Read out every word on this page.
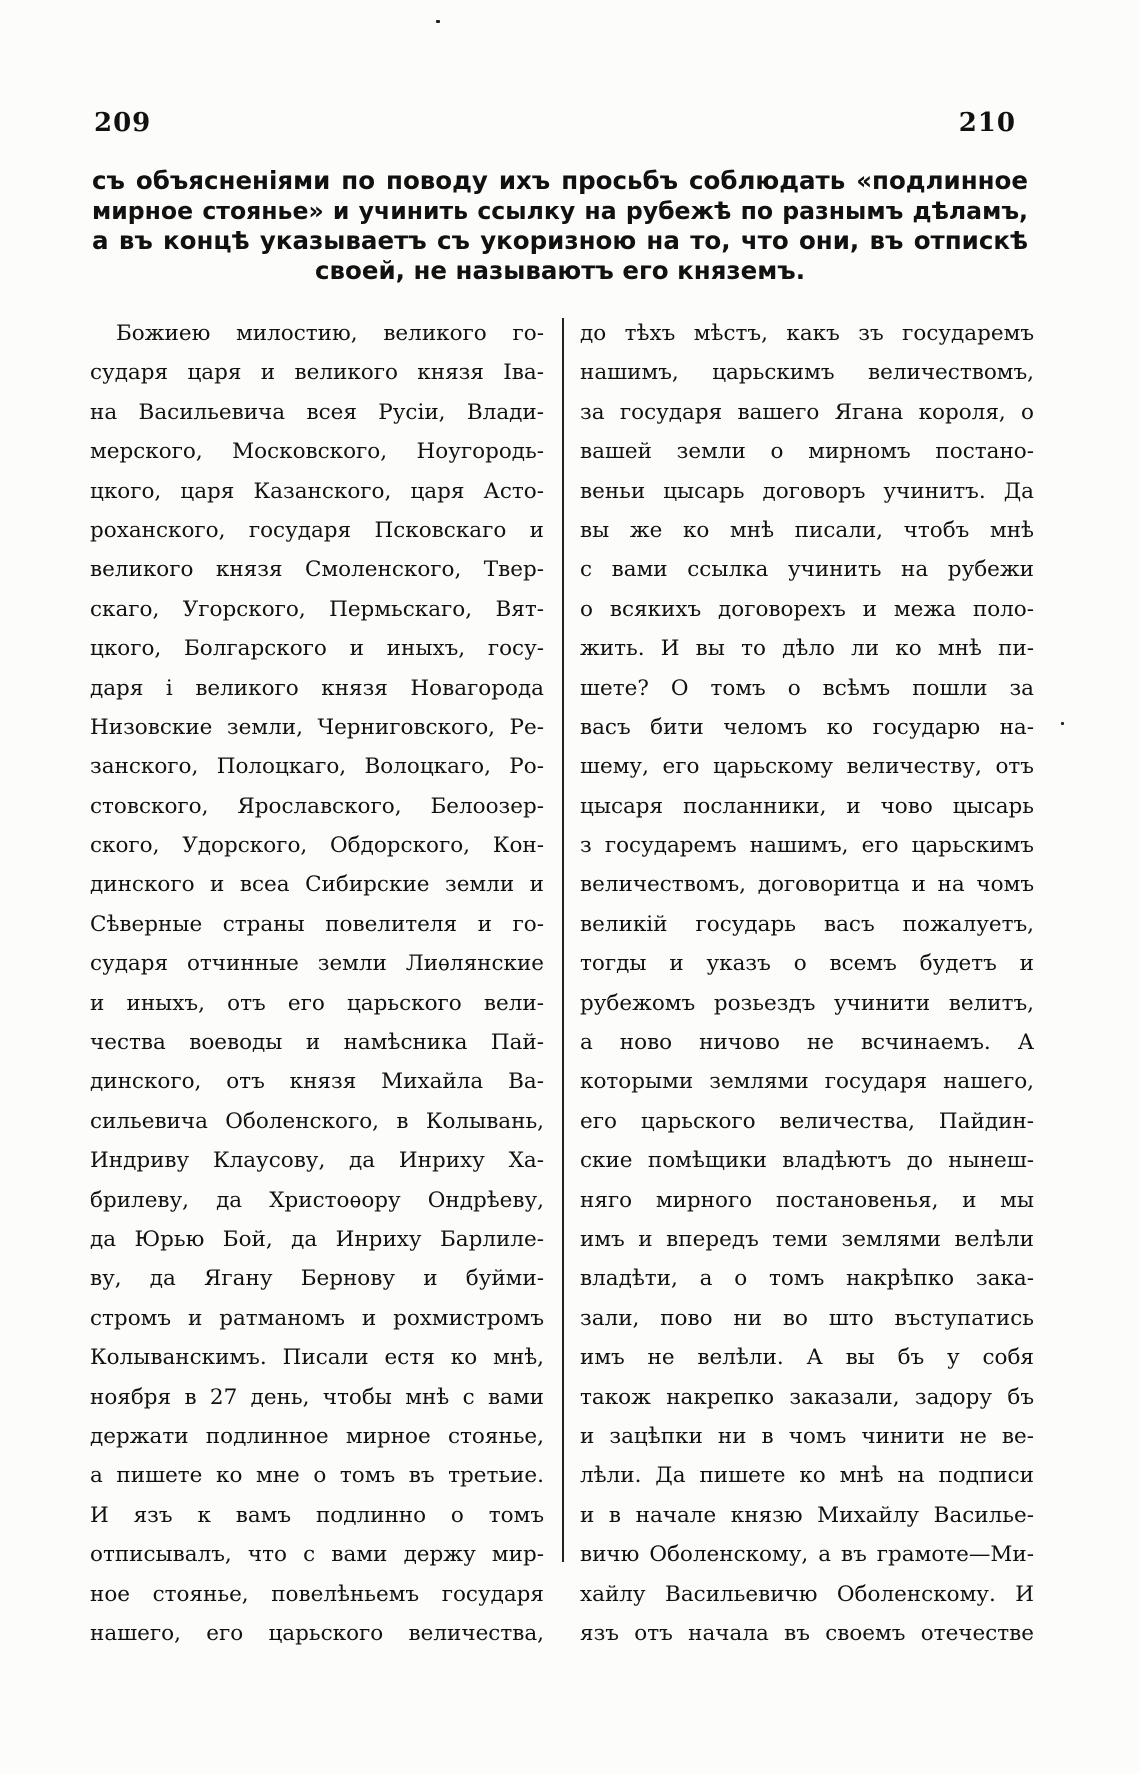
209	210
съ объясненіями по поводу ихъ просьбъ соблюдать «подлинное
мирное стоянье» и учинить ссылку на рубежѣ по разнымъ дѣламъ,
а въ концѣ указываетъ съ укоризною на то, что они, въ отпискѣ
своей, не называютъ его княземъ.
Божиею милостию, великого го-
сударя царя и великого князя Іва-
на Васильевича всея Русіи, Влади-
мерского, Московского, Ноугородь-
цкого, царя Казанского, царя Асто-
роханского, государя Псковскаго и
великого князя Смоленского, Твер-
скаго, Угорского, Пермьскаго, Вят-
цкого, Болгарского и иныхъ, госу-
даря і великого князя Новагорода
Низовские земли, Черниговского, Ре-
занского, Полоцкаго, Волоцкаго, Ро-
стовского, Ярославского, Белоозер-
ского, Удорского, Обдорского, Кон-
динского и всеа Сибирские земли и
Сѣверные страны повелителя и го-
сударя отчинные земли Лиѳлянские
и иныхъ, отъ его царьского вели-
чества воеводы и намѣсника Пай-
динского, отъ князя Михайла Ва-
сильевича Оболенского, в Колывань,
Индриву Клаусову, да Инриху Ха-
брилеву, да Христоѳору Ондрѣеву,
да Юрью Бой, да Инриху Барлиле-
ву, да Ягану Бернову и буйми-
стромъ и ратманомъ и рохмистромъ
Колыванскимъ. Писали естя ко мнѣ,
ноября в 27 день, чтобы мнѣ с вами
держати подлинное мирное стоянье,
а пишете ко мне о томъ въ третьие.
И язъ к вамъ подлинно о томъ
отписывалъ, что с вами держу мир-
ное стоянье, повелѣньемъ государя
нашего, его царьского величества,
до тѣхъ мѣстъ, какъ зъ государемъ
нашимъ, царьскимъ величествомъ,
за государя вашего Ягана короля, о
вашей земли о мирномъ постано-
веньи цысарь договоръ учинитъ. Да
вы же ко мнѣ писали, чтобъ мнѣ
с вами ссылка учинить на рубежи
о всякихъ договорехъ и межа поло-
жить. И вы то дѣло ли ко мнѣ пи-
шете? О томъ о всѣмъ пошли за
васъ бити челомъ ко государю на-
шему, его царьскому величеству, отъ
цысаря посланники, и чово цысарь
з государемъ нашимъ, его царьскимъ
величествомъ, договоритца и на чомъ
великій государь васъ пожалуетъ,
тогды и указъ о всемъ будетъ и
рубежомъ розьездъ учинити велитъ,
а ново ничово не всчинаемъ. А
которыми землями государя нашего,
его царьского величества, Пайдин-
ские помѣщики владѣютъ до нынеш-
няго мирного постановенья, и мы
имъ и впередъ теми землями велѣли
владѣти, а о томъ накрѣпко зака-
зали, пово ни во што въступатись
имъ не велѣли. А вы бъ у собя
також накрепко заказали, задору бъ
и зацѣпки ни в чомъ чинити не ве-
лѣли. Да пишете ко мнѣ на подписи
и в начале князю Михайлу Василье-
вичю Оболенскому, а въ грамоте—Ми-
хайлу Васильевичю Оболенскому. И
язъ отъ начала въ своемъ отечестве
